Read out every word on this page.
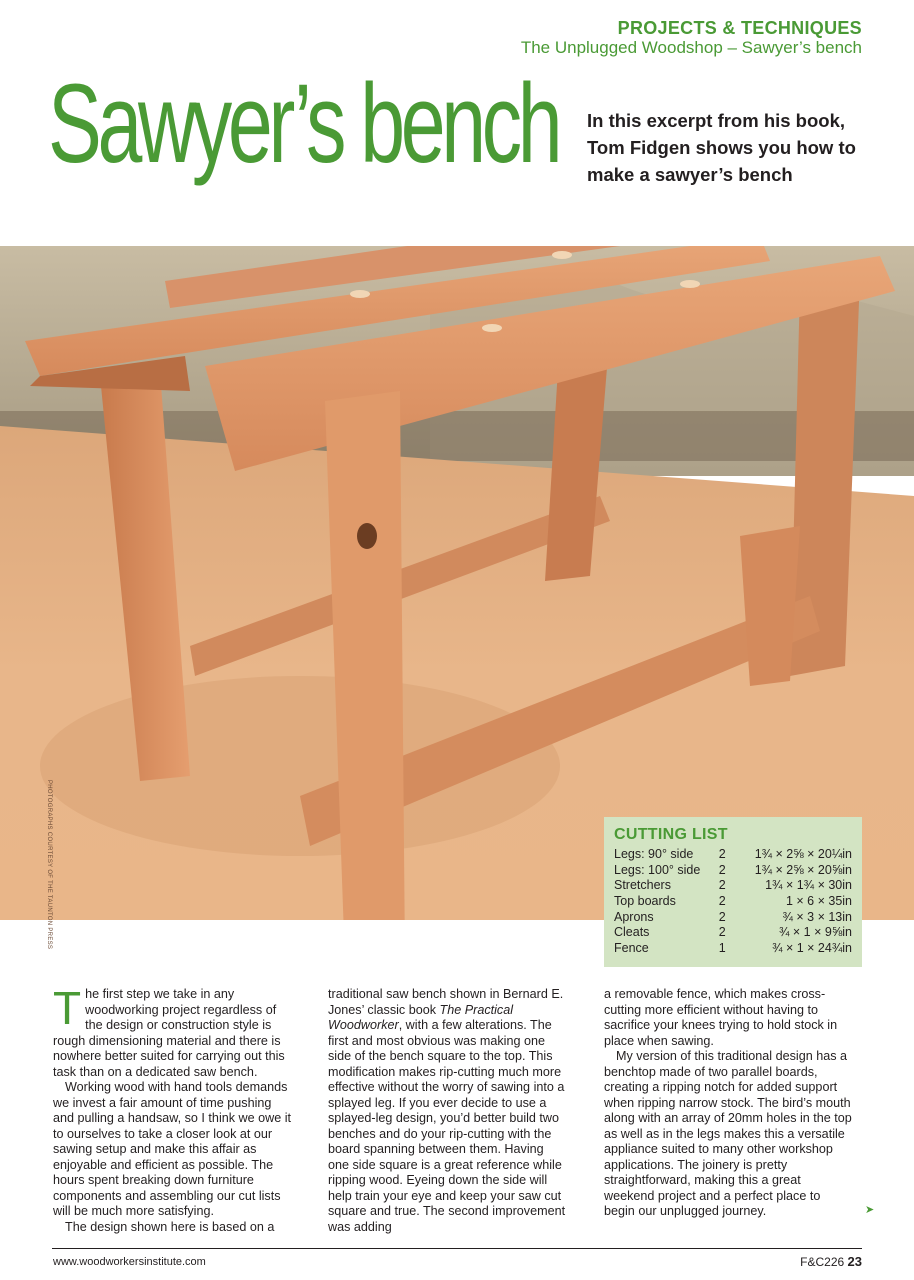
PROJECTS & TECHNIQUES
The Unplugged Woodshop – Sawyer’s bench
Sawyer’s bench In this excerpt from his book, Tom Fidgen shows you how to make a sawyer’s bench

PHOTOGRAPHS COURTESY OF THE TAUNTON PRESS	CUTTING LIST
Legs: 90° side	2	1¾ × 2⅝ × 20¼in
Legs: 100° side	2	1¾ × 2⅝ × 20⅝in
Stretchers	2	1¾ × 1¾ × 30in
Top boards	2	1 × 6 × 35in
Aprons	2	¾ × 3 × 13in
Cleats	2	¾ × 1 × 9⅝in
Fence	1	¾ × 1 × 24¾in

The first step we take in any woodworking project regardless of the design or construction style is rough dimensioning material and there is nowhere better suited for carrying out this task than on a dedicated saw bench.

Working wood with hand tools demands we invest a fair amount of time pushing and pulling a handsaw, so I think we owe it to ourselves to take a closer look at our sawing setup and make this affair as enjoyable and efficient as possible. The hours spent breaking down furniture components and assembling our cut lists will be much more satisfying.

The design shown here is based on a

traditional saw bench shown in Bernard E. Jones’ classic book The Practical Woodworker, with a few alterations. The first and most obvious was making one side of the bench square to the top. This modification makes rip-cutting much more effective without the worry of sawing into a splayed leg. If you ever decide to use a splayed-leg design, you’d better build two benches and do your rip-cutting with the board spanning between them. Having one side square is a great reference while ripping wood. Eyeing down the side will help train your eye and keep your saw cut square and true. The second improvement was adding

a removable fence, which makes cross-cutting more efficient without having to sacrifice your knees trying to hold stock in place when sawing.

My version of this traditional design has a benchtop made of two parallel boards, creating a ripping notch for added support when ripping narrow stock. The bird’s mouth along with an array of 20mm holes in the top as well as in the legs makes this a versatile appliance suited to many other workshop applications. The joinery is pretty straightforward, making this a great weekend project and a perfect place to begin our unplugged journey.	➤
www.woodworkersinstitute.com	F&C226 23
